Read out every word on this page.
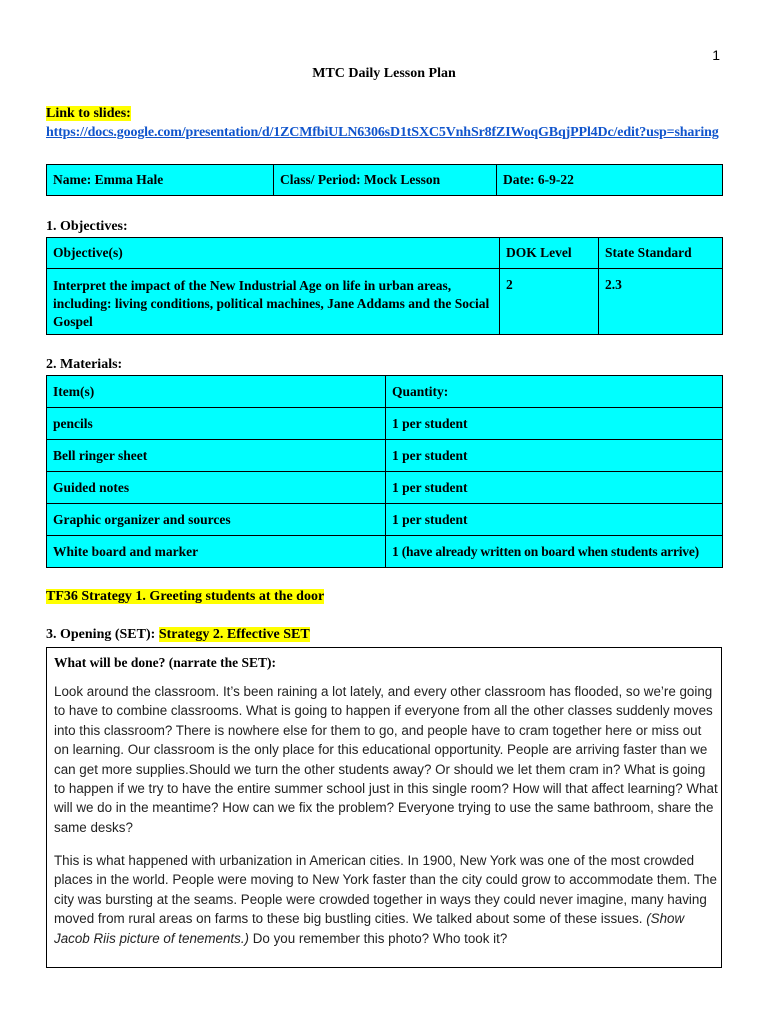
1
MTC Daily Lesson Plan
Link to slides:
https://docs.google.com/presentation/d/1ZCMfbiULN6306sD1tSXC5VnhSr8fZIWoqGBqjPPl4Dc/edit?usp=sharing
Name: Emma Hale	Class/ Period: Mock Lesson	Date: 6-9-22
1. Objectives:
Objective(s)	DOK Level	State Standard
Interpret the impact of the New Industrial Age on life in urban areas, including: living conditions, political machines, Jane Addams and the Social Gospel	2	2.3
2. Materials:
Item(s)	Quantity:
pencils	1 per student
Bell ringer sheet	1 per student
Guided notes	1 per student
Graphic organizer and sources	1 per student
White board and marker	1 (have already written on board when students arrive)
TF36 Strategy 1. Greeting students at the door
3. Opening (SET): Strategy 2. Effective SET
What will be done? (narrate the SET):
Look around the classroom. It’s been raining a lot lately, and every other classroom has flooded, so we’re going to have to combine classrooms. What is going to happen if everyone from all the other classes suddenly moves into this classroom? There is nowhere else for them to go, and people have to cram together here or miss out on learning. Our classroom is the only place for this educational opportunity. People are arriving faster than we can get more supplies.Should we turn the other students away? Or should we let them cram in? What is going to happen if we try to have the entire summer school just in this single room? How will that affect learning? What will we do in the meantime? How can we fix the problem? Everyone trying to use the same bathroom, share the same desks?
This is what happened with urbanization in American cities. In 1900, New York was one of the most crowded places in the world. People were moving to New York faster than the city could grow to accommodate them. The city was bursting at the seams. People were crowded together in ways they could never imagine, many having moved from rural areas on farms to these big bustling cities. We talked about some of these issues. (Show Jacob Riis picture of tenements.) Do you remember this photo? Who took it?
